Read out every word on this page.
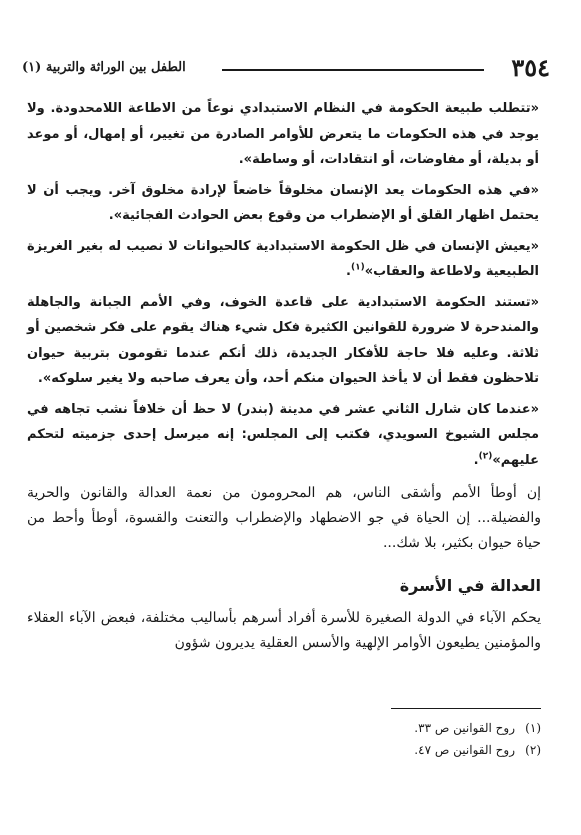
٣٥٤
الطفل بين الوراثة والتربية (١)

«تتطلب طبيعة الحكومة في النظام الاستبدادي نوعاً من الاطاعة اللامحدودة. ولا يوجد في هذه الحكومات ما يتعرض للأوامر الصادرة من تغيير، أو إمهال، أو موعد أو بديلة، أو مفاوضات، أو انتقادات، أو وساطة».

«في هذه الحكومات يعد الإنسان مخلوقاً خاضعاً لإرادة مخلوق آخر. ويجب أن لا يحتمل اظهار القلق أو الإضطراب من وقوع بعض الحوادث الفجائية».

«يعيش الإنسان في ظل الحكومة الاستبدادية كالحيوانات لا نصيب له بغير الغريزة الطبيعية ولاطاعة والعقاب»$^{(١)}$.

«تستند الحكومة الاستبدادية على قاعدة الخوف، وفي الأمم الجبانة والجاهلة والمندحرة لا ضرورة للقوانين الكثيرة فكل شيء هناك يقوم على فكر شخصين أو ثلاثة. وعليه فلا حاجة للأفكار الجديدة، ذلك أنكم عندما تقومون بتربية حيوان تلاحظون فقط أن لا يأخذ الحيوان منكم أحد، وأن يعرف صاحبه ولا يغير سلوكه».

«عندما كان شارل الثاني عشر في مدينة (بندر) لا حظ أن خلافاً نشب تجاهه في مجلس الشيوخ السويدي، فكتب إلى المجلس: إنه ميرسل إحدى جزميته لتحكم عليهم»$^{(٢)}$.

إن أوطأ الأمم وأشقى الناس، هم المحرومون من نعمة العدالة والقانون والحرية والفضيلة... إن الحياة في جو الاضطهاد والإضطراب والتعنت والقسوة، أوطأ وأحط من حياة حيوان بكثير، بلا شك...

العدالة في الأسرة

يحكم الآباء في الدولة الصغيرة للأسرة أفراد أسرهم بأساليب مختلفة، فبعض الآباء العقلاء والمؤمنين يطيعون الأوامر الإلهية والأسس العقلية يديرون شؤون

(١)روح القوانين ص ٣٣.

(٢)روح القوانين ص ٤٧.
